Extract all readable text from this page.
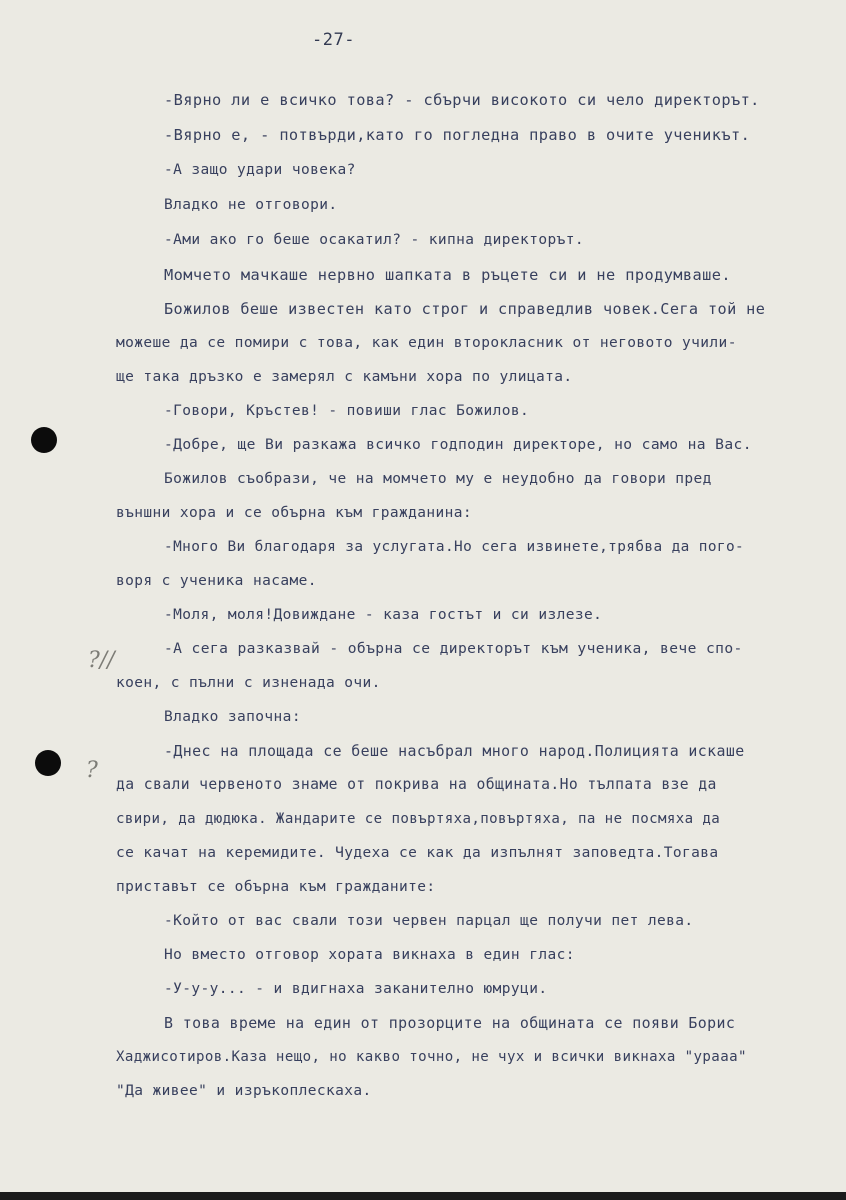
-27-
-Вярно ли е всичко това? - сбърчи високото си чело директорът.
-Вярно е, - потвърди,като го погледна право в очите ученикът.
-А защо удари човека?
Владко не отговори.
-Ами ако го беше осакатил? - кипна директорът.
Момчето мачкаше нервно шапката в ръцете си и не продумваше.
Божилов беше известен като строг и справедлив човек.Сега той не
можеше да се помири с това, как един второкласник от неговото учили-
ще така дръзко е замерял с камъни хора по улицата.
-Говори, Кръстев! - повиши глас Божилов.
-Добре, ще Ви разкажа всичко годподин директоре, но само на Вас.
Божилов съобрази, че на момчето му е неудобно да говори пред
външни хора и се обърна към гражданина:
-Много Ви благодаря за услугата.Но сега извинете,трябва да пого-
воря с ученика насаме.
-Моля, моля!Довиждане - каза гостът и си излезе.
-А сега разказвай - обърна се директорът към ученика, вече спо-
коен, с пълни с изненада очи.
Владко започна:
-Днес на площада се беше насъбрал много народ.Полицията искаше
да свали червеното знаме от покрива на общината.Но тълпата взе да
свири, да дюдюка. Жандарите се повъртяха,повъртяха, па не посмяха да
се качат на керемидите. Чудеха се как да изпълнят заповедта.Тогава
приставът се обърна към гражданите:
-Който от вас свали този червен парцал ще получи пет лева.
Но вместо отговор хората викнаха в един глас:
-У-у-у... - и вдигнаха заканително юмруци.
В това време на един от прозорците на общината се появи Борис
Хаджисотиров.Каза нещо, но какво точно, не чух и всички викнаха "урааа"
"Да живее" и изръкоплескаха.
?//
?
